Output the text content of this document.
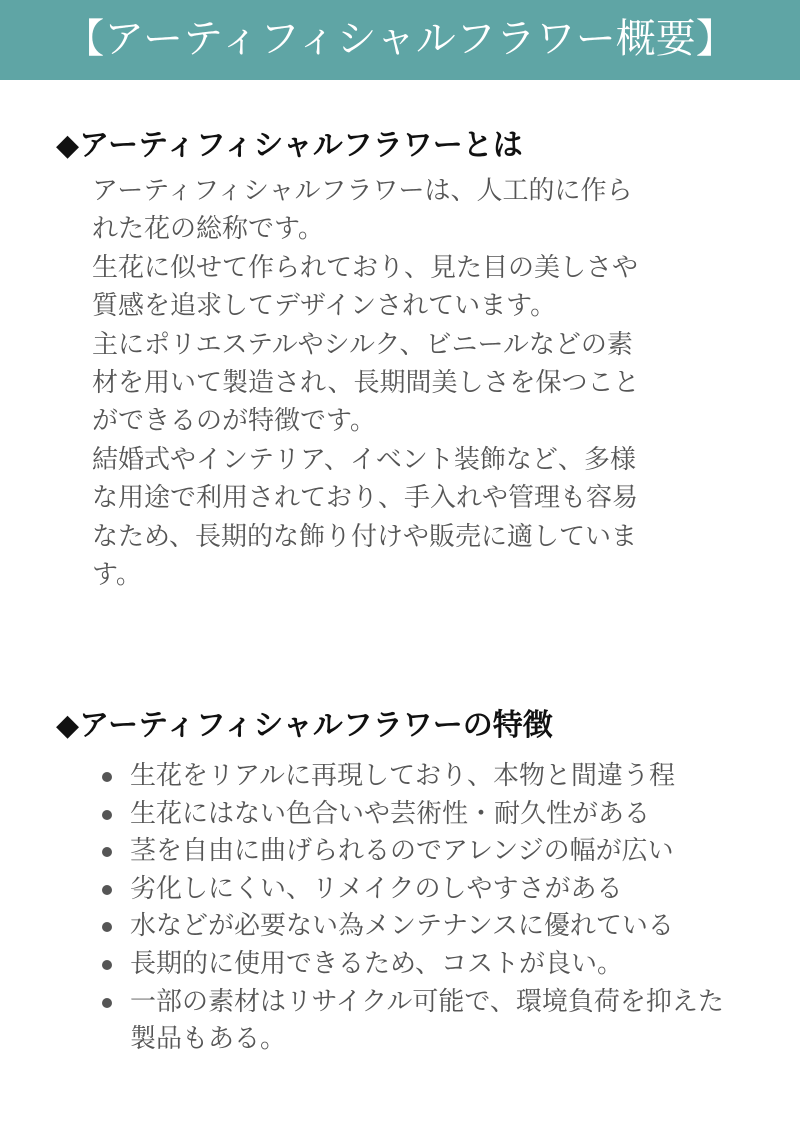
【アーティフィシャルフラワー概要】
◆アーティフィシャルフラワーとは

アーティフィシャルフラワーは、人工的に作られた花の総称です。

生花に似せて作られており、見た目の美しさや質感を追求してデザインされています。

主にポリエステルやシルク、ビニールなどの素材を用いて製造され、長期間美しさを保つことができるのが特徴です。

結婚式やインテリア、イベント装飾など、多様な用途で利用されており、手入れや管理も容易なため、長期的な飾り付けや販売に適しています。

◆アーティフィシャルフラワーの特徴
生花をリアルに再現しており、本物と間違う程
生花にはない色合いや芸術性・耐久性がある
茎を自由に曲げられるのでアレンジの幅が広い
劣化しにくい、リメイクのしやすさがある
水などが必要ない為メンテナンスに優れている
長期的に使用できるため、コストが良い。
一部の素材はリサイクル可能で、環境負荷を抑えた製品もある。
